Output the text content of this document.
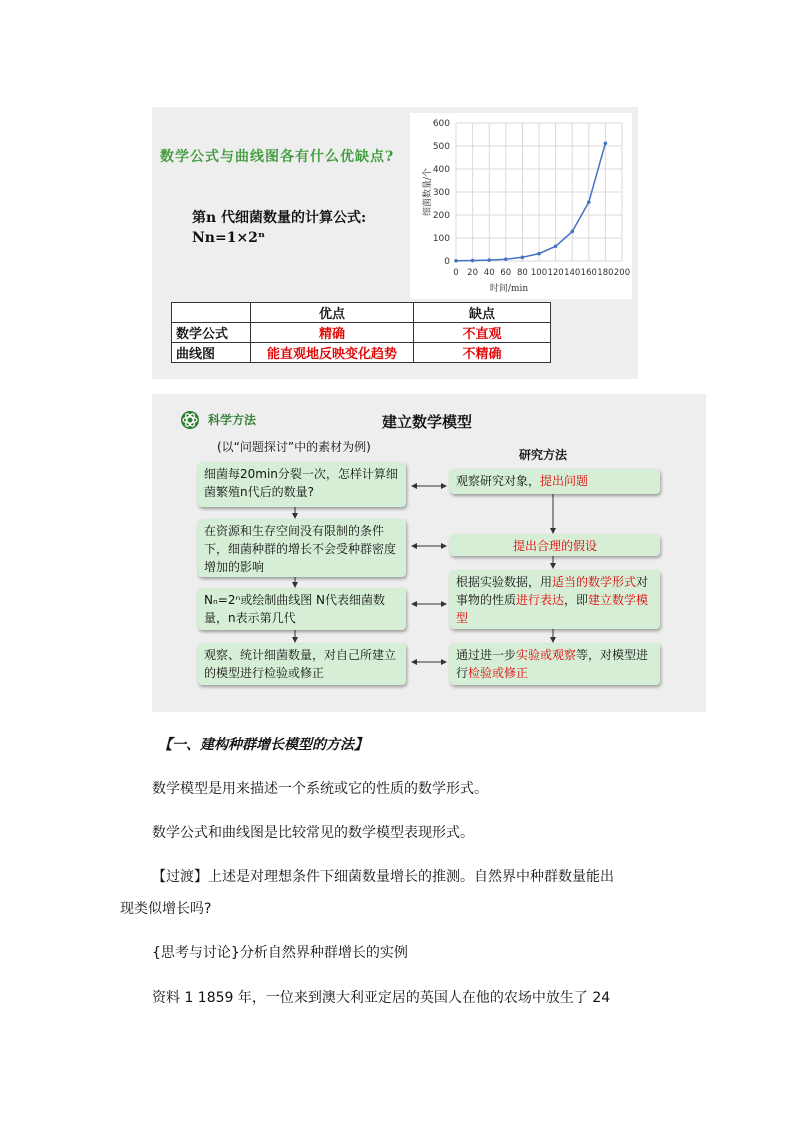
数学公式与曲线图各有什么优缺点?
第n 代细菌数量的计算公式:
Nn=1×2ⁿ
0
100
200
300
400
500
600
0 20 40 60 80 100 120 140 160 180 200
时间/min
细菌数量/个
	优点	缺点
数学公式	精确	不直观
曲线图	能直观地反映变化趋势	不精确
科学方法	建立数学模型
(以“问题探讨”中的素材为例)
研究方法
细菌每20min分裂一次，怎样计算细菌繁殖n代后的数量?
在资源和生存空间没有限制的条件下，细菌种群的增长不会受种群密度增加的影响
Nₙ=2ⁿ或绘制曲线图 N代表细菌数量，n表示第几代
观察、统计细菌数量，对自己所建立的模型进行检验或修正
观察研究对象，提出问题
提出合理的假设
根据实验数据，用适当的数学形式对事物的性质进行表达，即建立数学模型
通过进一步实验或观察等，对模型进行检验或修正
【一、建构种群增长模型的方法】
数学模型是用来描述一个系统或它的性质的数学形式。
数学公式和曲线图是比较常见的数学模型表现形式。
【过渡】上述是对理想条件下细菌数量增长的推测。自然界中种群数量能出
现类似增长吗?
{思考与讨论}分析自然界种群增长的实例
资料 1 1859 年，一位来到澳大利亚定居的英国人在他的农场中放生了 24
